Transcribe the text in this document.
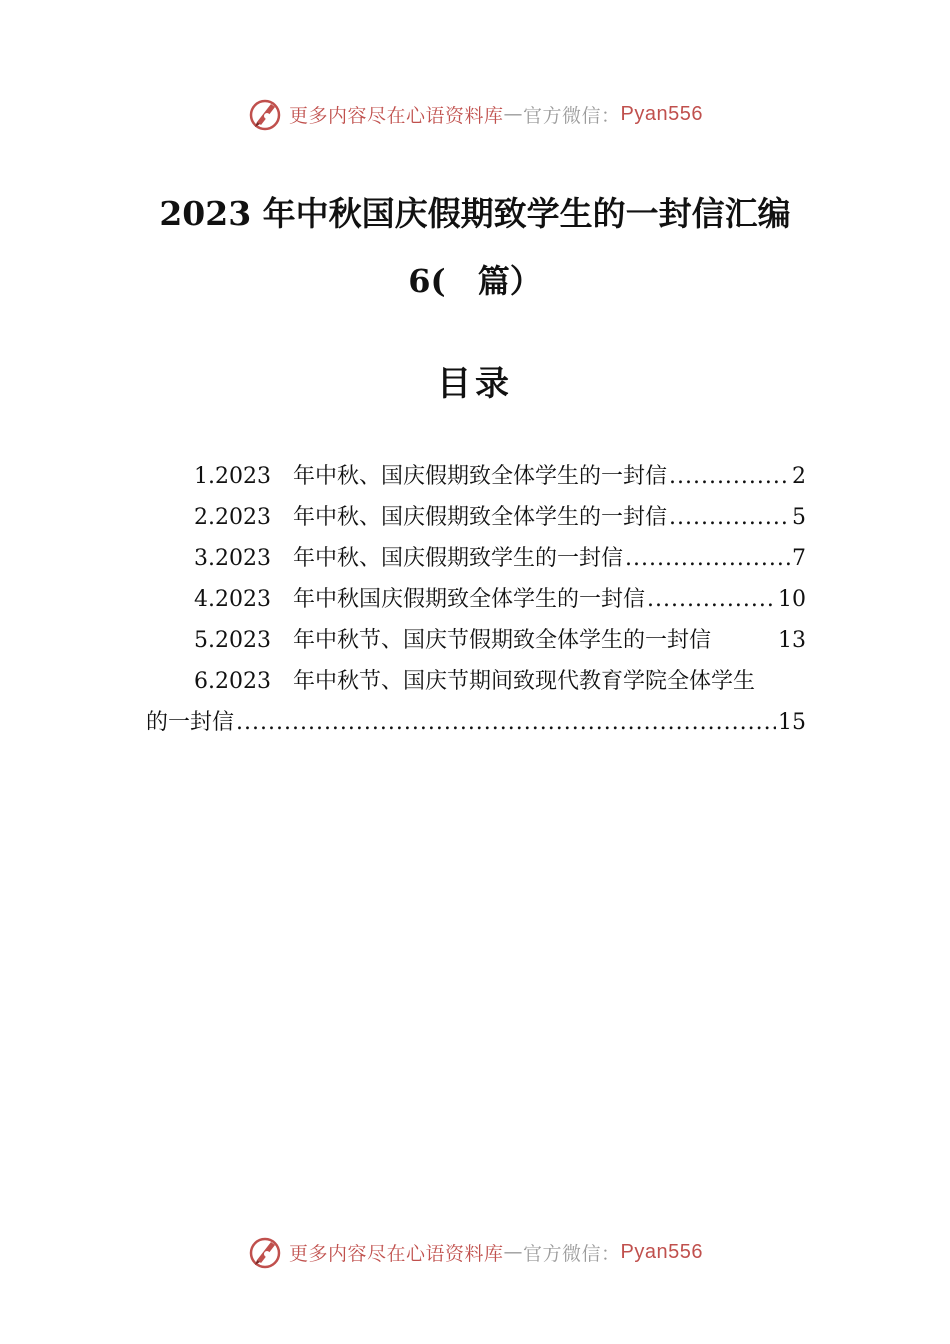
更多内容尽在心语资料库 — 官方微信： Pyan556
2023 年中秋国庆假期致学生的一封信汇编
6(　篇）
目录
1.2023　年中秋、国庆假期致全体学生的一封信 .....	2
2.2023　年中秋、国庆假期致全体学生的一封信 .....	5
3.2023　年中秋、国庆假期致学生的一封信 .....	7
4.2023　年中秋国庆假期致全体学生的一封信 .....	10
5.2023　年中秋节、国庆节假期致全体学生的一封信	13
6.2023　年中秋节、国庆节期间致现代教育学院全体学生
的一封信 .....	15
更多内容尽在心语资料库 — 官方微信： Pyan556
